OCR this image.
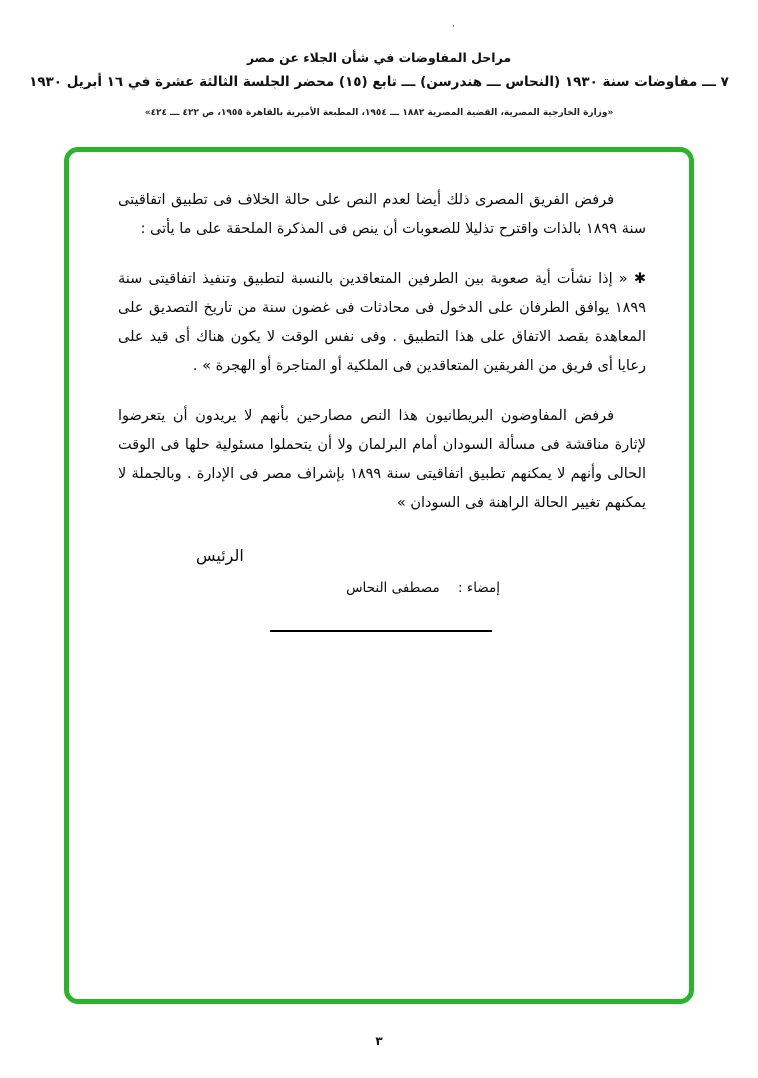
·
مراحل المفاوضات في شأن الجلاء عن مصر
٧ ـــ مفاوضات سنة ١٩٣٠ (النحاس ـــ هندرسن) ـــ تابع (١٥) محضر الجلسة الثالثة عشرة في ١٦ أبريل ١٩٣٠
«وزارة الخارجية المصرية، القضية المصرية ١٨٨٢ ـــ ١٩٥٤، المطبعة الأميرية بالقاهرة ١٩٥٥، ص ٤٢٢ ـــ ٤٢٤»

فرفض الفريق المصرى ذلك أيضا لعدم النص على حالة الخلاف فى تطبيق اتفاقيتى سنة ١٨٩٩ بالذات واقترح تذليلا للصعوبات أن ينص فى المذكرة الملحقة على ما يأتى :

✱ « إذا نشأت أية صعوبة بين الطرفين المتعاقدين بالنسبة لتطبيق وتنفيذ اتفاقيتى سنة ١٨٩٩ يوافق الطرفان على الدخول فى محادثات فى غضون سنة من تاريخ التصديق على المعاهدة بقصد الاتفاق على هذا التطبيق . وفى نفس الوقت لا يكون هناك أى قيد على رعايا أى فريق من الفريقين المتعاقدين فى الملكية أو المتاجرة أو الهجرة » .

فرفض المفاوضون البريطانيون هذا النص مصارحين بأنهم لا يريدون أن يتعرضوا لإثارة مناقشة فى مسألة السودان أمام البرلمان ولا أن يتحملوا مسئولية حلها فى الوقت الحالى وأنهم لا يمكنهم تطبيق اتفاقيتى سنة ١٨٩٩ بإشراف مصر فى الإدارة . وبالجملة لا يمكنهم تغيير الحالة الراهنة فى السودان »

الرئيس
إمضاء : مصطفى النحاس
٣
